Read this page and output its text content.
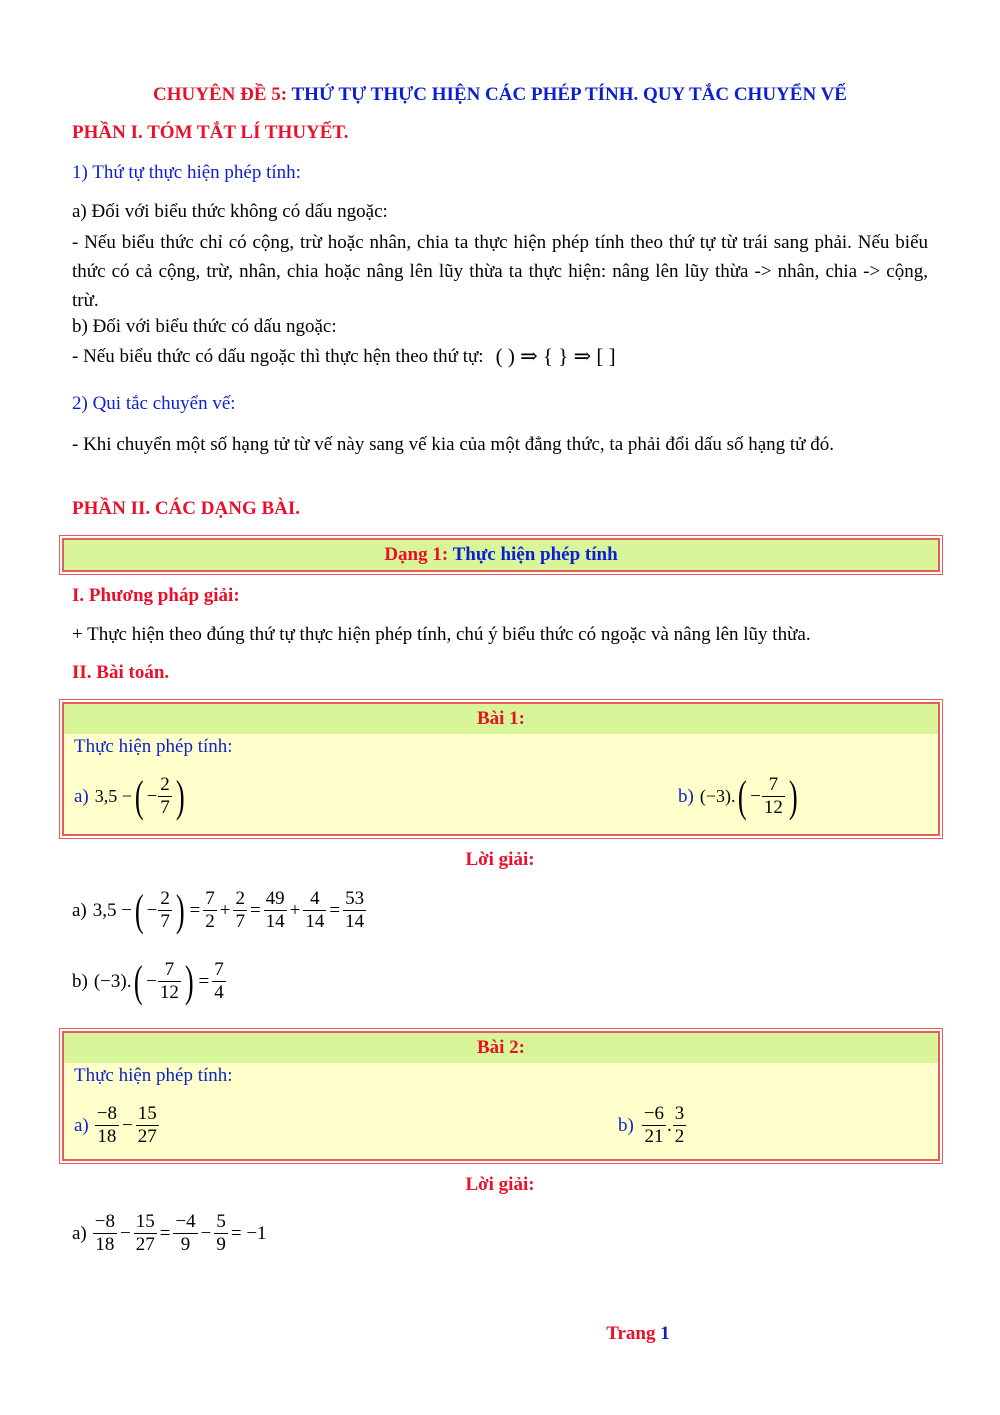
CHUYÊN ĐỀ 5: THỨ TỰ THỰC HIỆN CÁC PHÉP TÍNH. QUY TẮC CHUYỂN VẾ
PHẦN I. TÓM TẮT LÍ THUYẾT.
1) Thứ tự thực hiện phép tính:
a) Đối với biểu thức không có dấu ngoặc:
- Nếu biểu thức chỉ có cộng, trừ hoặc nhân, chia ta thực hiện phép tính theo thứ tự từ trái sang phải. Nếu biểu thức có cả cộng, trừ, nhân, chia hoặc nâng lên lũy thừa ta thực hiện: nâng lên lũy thừa -> nhân, chia -> cộng, trừ.
b) Đối với biểu thức có dấu ngoặc:
- Nếu biểu thức có dấu ngoặc thì thực hện theo thứ tự: ( ) ⇒ { } ⇒ [ ]
2) Qui tắc chuyển vế:
- Khi chuyển một số hạng tử từ vế này sang vế kia của một đẳng thức, ta phải đổi dấu số hạng tử đó.
PHẦN II. CÁC DẠNG BÀI.
Dạng 1: Thực hiện phép tính
I. Phương pháp giải:
+ Thực hiện theo đúng thứ tự thực hiện phép tính, chú ý biểu thức có ngoặc và nâng lên lũy thừa.
II. Bài toán.
Bài 1:
Thực hiện phép tính:
a) 3,5 − ( − $\frac{2}{7}$ )	b) (−3). ( − $\frac{7}{12}$ )
Lời giải:
a) 3,5 − ( − $\frac{2}{7}$ ) = $\frac{7}{2} + \frac{2}{7} = \frac{49}{14} + \frac{4}{14} = \frac{53}{14}$
b) (−3). ( − $\frac{7}{12}$ ) = $\frac{7}{4}$
Bài 2:
Thực hiện phép tính:
$a) \frac{-8}{18} - \frac{15}{27}$	$b) \frac{-6}{21}$ . $\frac{3}{2}$
Lời giải:
$a) \frac{-8}{18} - \frac{15}{27} = \frac{-4}{9} - \frac{5}{9} = -1$
Trang 1
